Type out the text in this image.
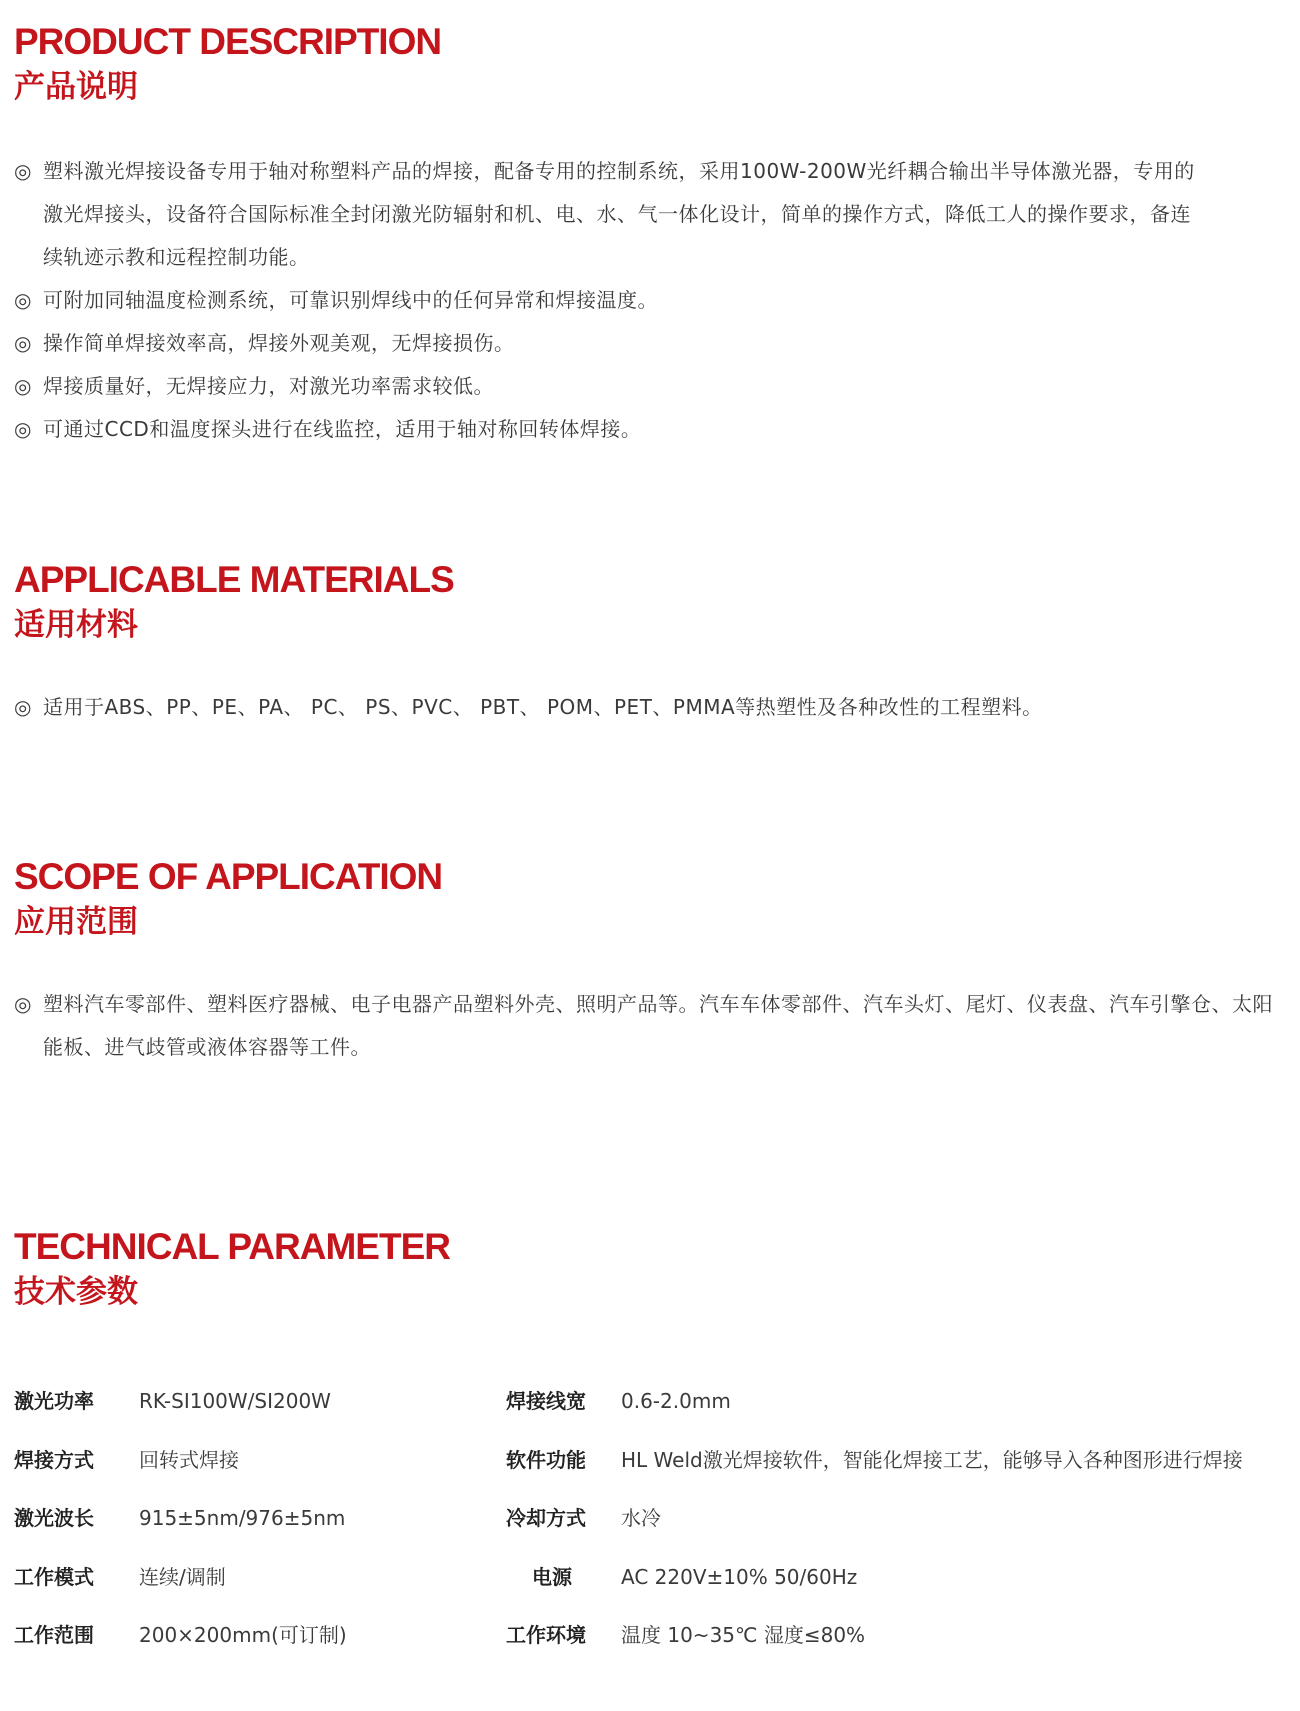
PRODUCT DESCRIPTION
产品说明
◎ 塑料激光焊接设备专用于轴对称塑料产品的焊接，配备专用的控制系统，采用100W-200W光纤耦合输出半导体激光器，专用的激光焊接头，设备符合国际标准全封闭激光防辐射和机、电、水、气一体化设计，简单的操作方式，降低工人的操作要求，备连续轨迹示教和远程控制功能。
◎ 可附加同轴温度检测系统，可靠识别焊线中的任何异常和焊接温度。
◎ 操作简单焊接效率高，焊接外观美观，无焊接损伤。
◎ 焊接质量好，无焊接应力，对激光功率需求较低。
◎ 可通过CCD和温度探头进行在线监控，适用于轴对称回转体焊接。
APPLICABLE MATERIALS
适用材料
◎ 适用于ABS、PP、PE、PA、 PC、 PS、PVC、 PBT、 POM、PET、PMMA等热塑性及各种改性的工程塑料。
SCOPE OF APPLICATION
应用范围
◎ 塑料汽车零部件、塑料医疗器械、电子电器产品塑料外壳、照明产品等。汽车车体零部件、汽车头灯、尾灯、仪表盘、汽车引擎仓、太阳能板、进气歧管或液体容器等工件。
TECHNICAL PARAMETER
技术参数
激光功率	RK-SI100W/SI200W	焊接线宽	0.6-2.0mm
焊接方式	回转式焊接	软件功能	HL Weld激光焊接软件，智能化焊接工艺，能够导入各种图形进行焊接
激光波长	915±5nm/976±5nm	冷却方式	水冷
工作模式	连续/调制	电源	AC 220V±10% 50/60Hz
工作范围	200×200mm(可订制)	工作环境	温度 10~35℃ 湿度≤80%
